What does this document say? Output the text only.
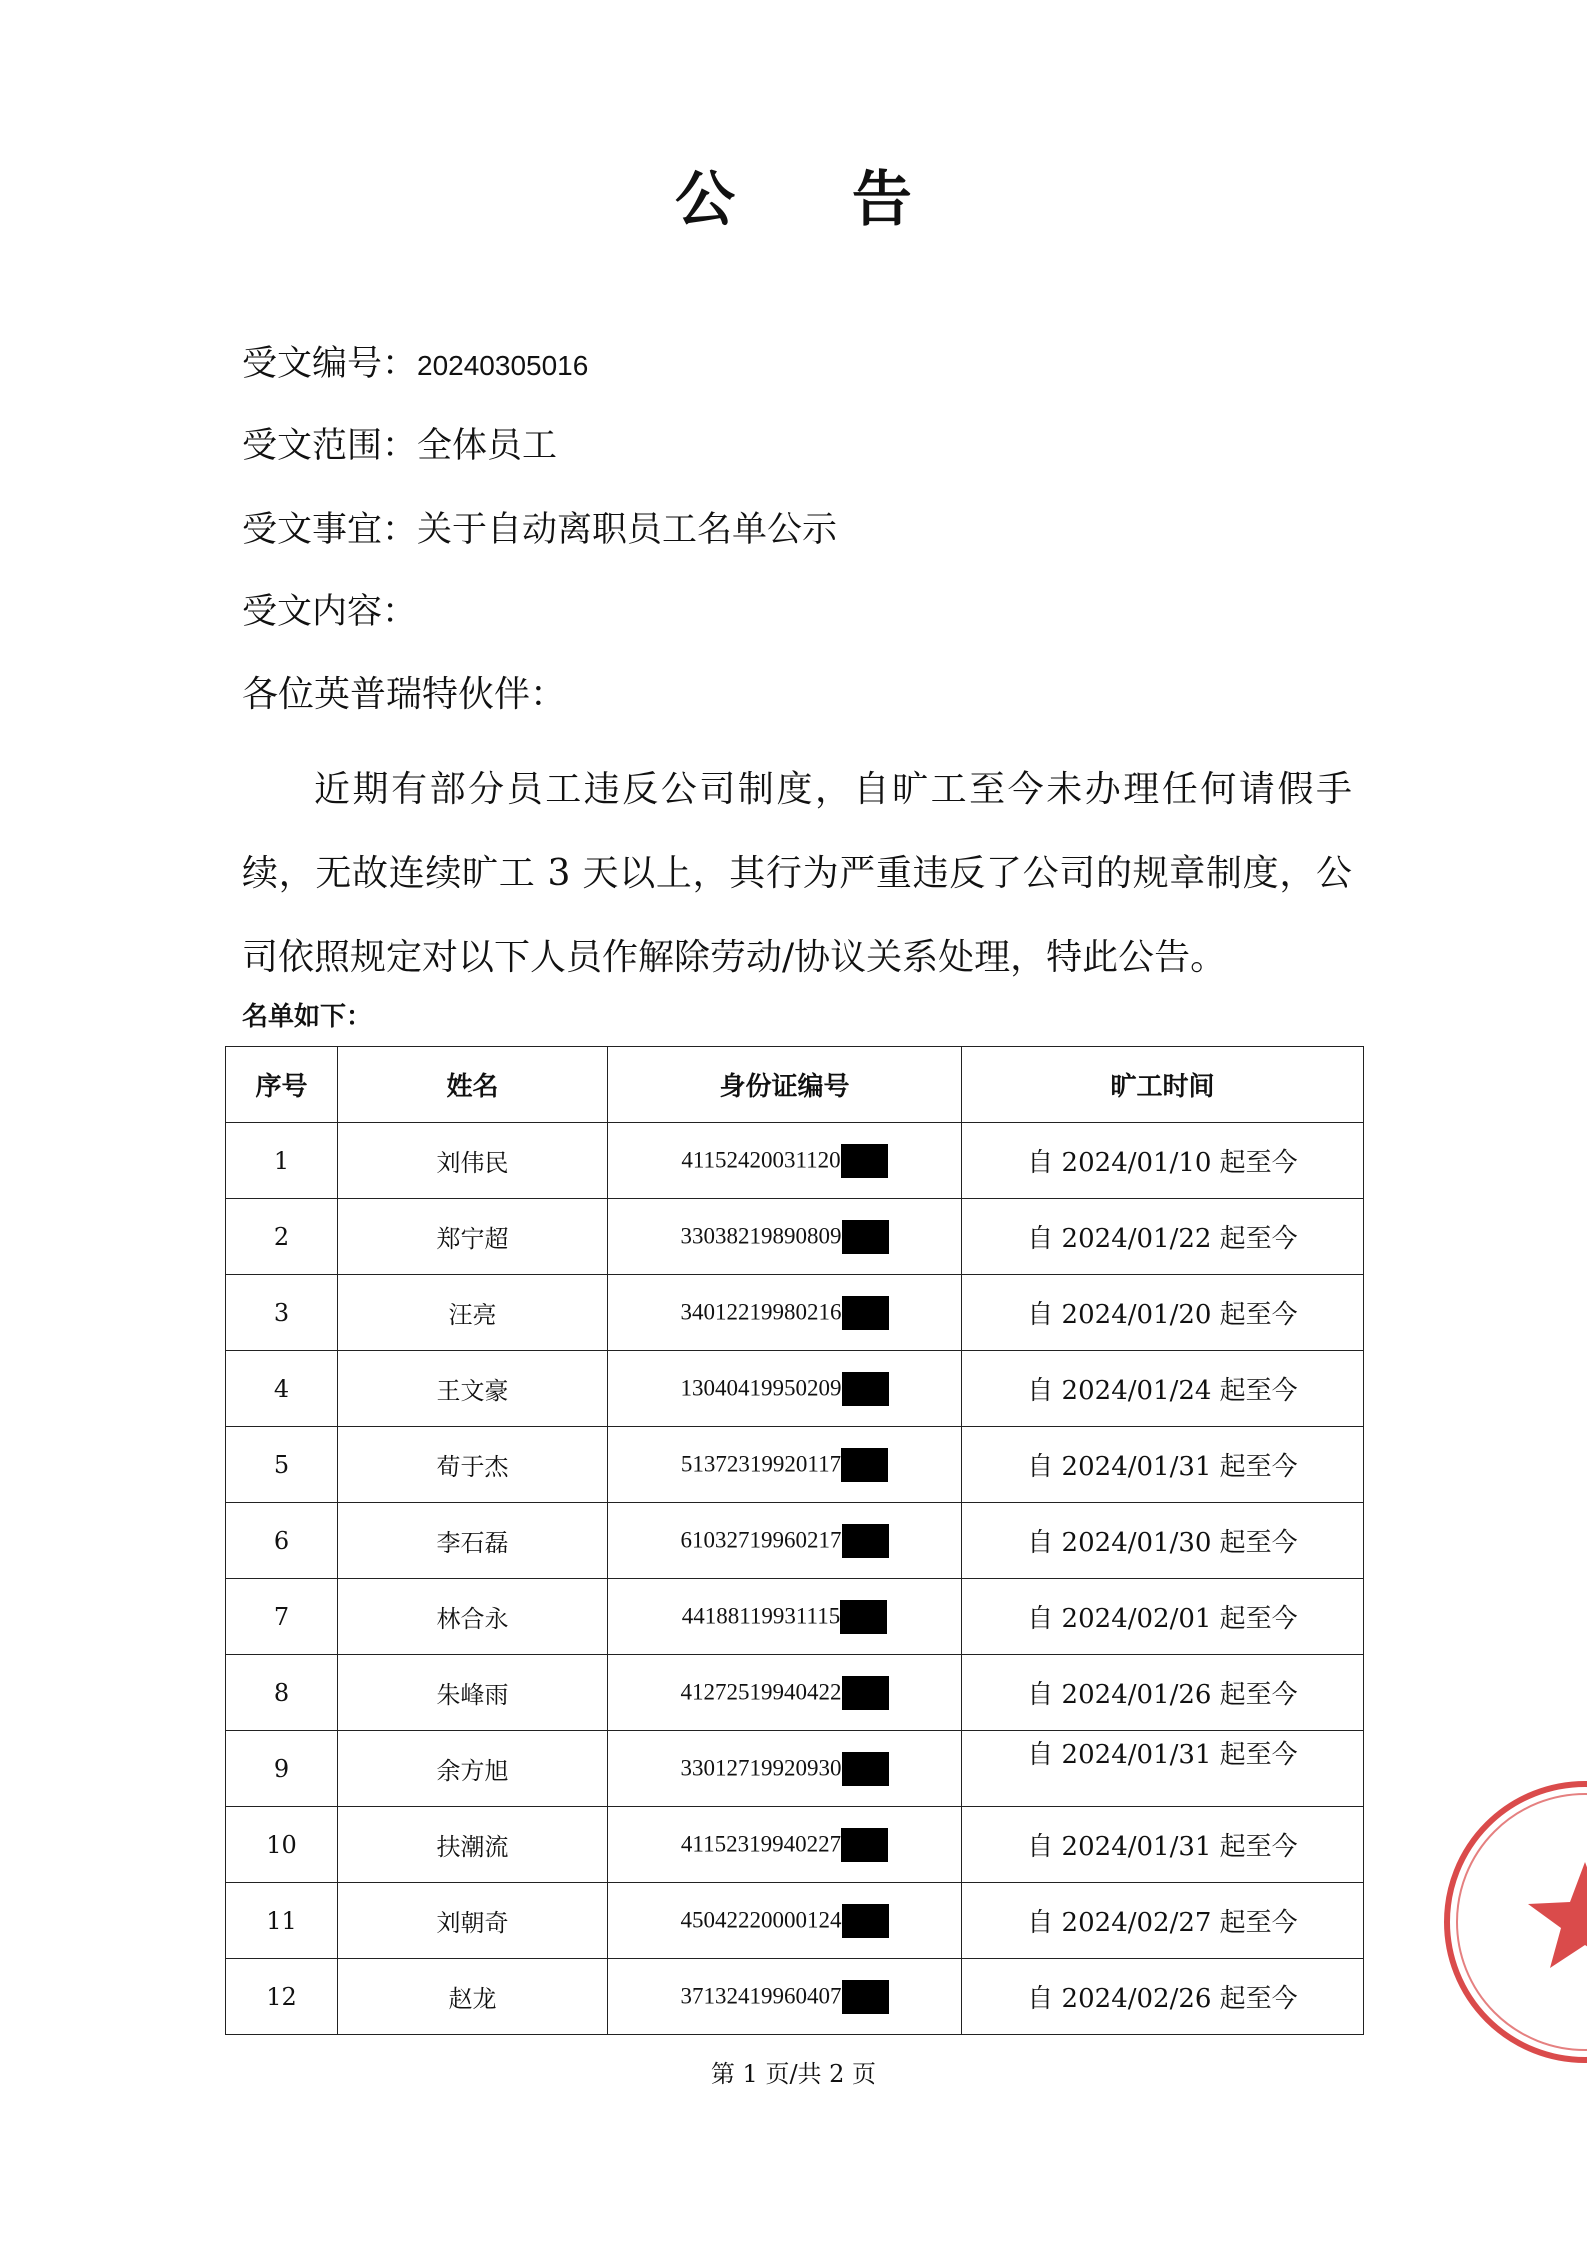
公 告
受文编号：20240305016
受文范围：全体员工
受文事宜：关于自动离职员工名单公示
受文内容：
各位英普瑞特伙伴：
近期有部分员工违反公司制度，自旷工至今未办理任何请假手续，无故连续旷工 3 天以上，其行为严重违反了公司的规章制度，公司依照规定对以下人员作解除劳动/协议关系处理，特此公告。
名单如下：
序号	姓名	身份证编号	旷工时间
1	刘伟民	41152420031120	自 2024/01/10 起至今
2	郑宁超	33038219890809	自 2024/01/22 起至今
3	汪亮	34012219980216	自 2024/01/20 起至今
4	王文豪	13040419950209	自 2024/01/24 起至今
5	荀于杰	51372319920117	自 2024/01/31 起至今
6	李石磊	61032719960217	自 2024/01/30 起至今
7	林合永	44188119931115	自 2024/02/01 起至今
8	朱峰雨	41272519940422	自 2024/01/26 起至今
9	余方旭	33012719920930	自 2024/01/31 起至今
10	扶潮流	41152319940227	自 2024/01/31 起至今
11	刘朝奇	45042220000124	自 2024/02/27 起至今
12	赵龙	37132419960407	自 2024/02/26 起至今
第 1 页/共 2 页
